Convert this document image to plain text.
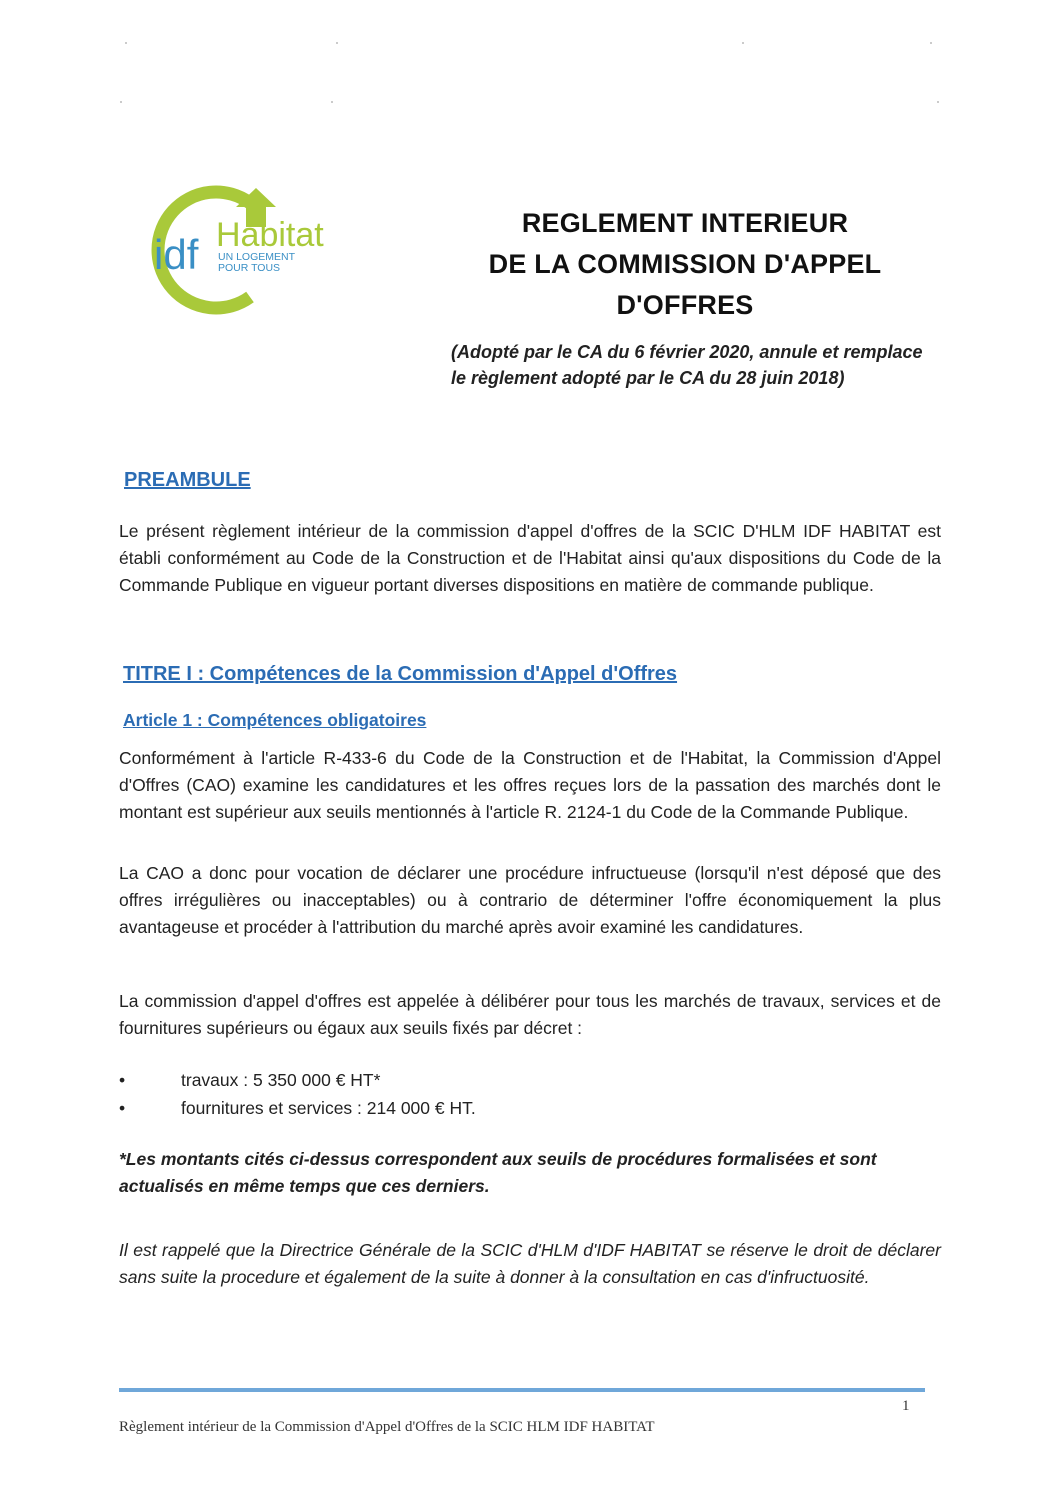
idf Habitat
UN LOGEMENT
POUR TOUS
REGLEMENT INTERIEUR
DE LA COMMISSION D'APPEL
D'OFFRES
(Adopté par le CA du 6 février 2020, annule et remplace
le règlement adopté par le CA du 28 juin 2018)
PREAMBULE
Le présent règlement intérieur de la commission d'appel d'offres de la SCIC D'HLM IDF HABITAT est établi conformément au Code de la Construction et de l'Habitat ainsi qu'aux dispositions du Code de la Commande Publique en vigueur portant diverses dispositions en matière de commande publique.
TITRE I : Compétences de la Commission d'Appel d'Offres
Article 1 : Compétences obligatoires
Conformément à l'article R-433-6 du Code de la Construction et de l'Habitat, la Commission d'Appel d'Offres (CAO) examine les candidatures et les offres reçues lors de la passation des marchés dont le montant est supérieur aux seuils mentionnés à l'article R. 2124-1 du Code de la Commande Publique.
La CAO a donc pour vocation de déclarer une procédure infructueuse (lorsqu'il n'est déposé que des offres irrégulières ou inacceptables) ou à contrario de déterminer l'offre économiquement la plus avantageuse et procéder à l'attribution du marché après avoir examiné les candidatures.
La commission d'appel d'offres est appelée à délibérer pour tous les marchés de travaux, services et de fournitures supérieurs ou égaux aux seuils fixés par décret :
•	travaux : 5 350 000 € HT*
•	fournitures et services : 214 000 € HT.
*Les montants cités ci-dessus correspondent aux seuils de procédures formalisées et sont actualisés en même temps que ces derniers.
Il est rappelé que la Directrice Générale de la SCIC d'HLM d'IDF HABITAT se réserve le droit de déclarer sans suite la procedure et également de la suite à donner à la consultation en cas d'infructuosité.
1
Règlement intérieur de la Commission d'Appel d'Offres de la SCIC HLM IDF HABITAT
